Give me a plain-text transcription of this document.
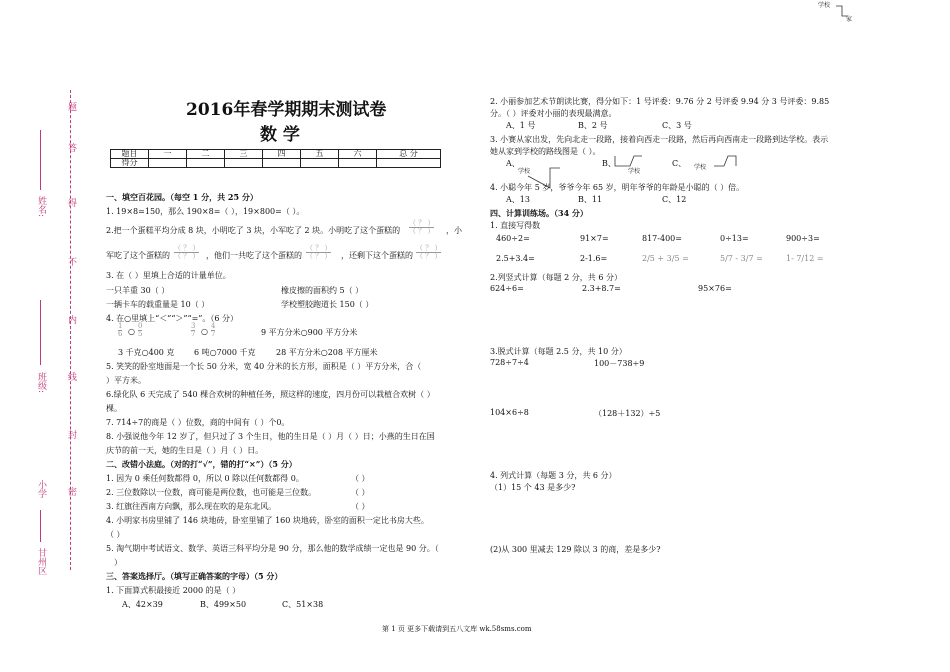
学校
家
题
答
得
不
内
线
封
密
姓名:
班级:
小学
甘州区
2016年春学期期末测试卷
数 学
题目	一	二	三	四	五	六	总 分
得分							
一、填空百花园。（每空 1 分，共 25 分）
1. 19×8=150，那么 190×8=（ ），19×800=（ ）。
2.把一个蛋糕平均分成 8 块，小明吃了 3 块，小军吃了 2 块。小明吃了这个蛋糕的
（ ？ ）
（ ？ ） ，小
军吃了这个蛋糕的
（ ？ ）
（ ？ ） ，他们一共吃了这个蛋糕的
（ ？ ）
（ ？ ） ，还剩下这个蛋糕的
（ ？ ）
（ ？ ）
3. 在（ ）里填上合适的计量单位。
一只羊重 30（ ）	橡皮擦的面积约 5（ ）
一辆卡车的载重量是 10（ ）	学校塑胶跑道长 150（ ）
4. 在○里填上“＜”“＞”“=”。（6 分）
$\frac{1}{6}$ ○ $\frac{0}{5}$	$\frac{3}{7}$ ○ $\frac{4}{7}$	9 平方分米○900 平方分米
3 千克○400 克 6 吨○7000 千克	28 平方分米○208 平方厘米
5. 笑笑的卧室地面是一个长 50 分米，宽 40 分米的长方形，面积是（ ）平方分米，合（
）平方米。
6.绿化队 6 天完成了 540 棵合欢树的种植任务，照这样的速度，四月份可以栽植合欢树（ ）
棵。
7. 714÷7的商是（ ）位数，商的中间有（ ）个0。
8. 小强说他今年 12 岁了，但只过了 3 个生日，他的生日是（ ）月（ ）日；小燕的生日在国
庆节的前一天，她的生日是（ ）月（ ）日。
二、改错小法庭。（对的打“√”，错的打“×”）（5 分）
1. 因为 0 乘任何数都得 0，所以 0 除以任何数都得 0。	（ ）
2. 三位数除以一位数，商可能是两位数，也可能是三位数。	（ ）
3. 红旗往西南方向飘，那么现在吹的是东北风。	（ ）
4. 小明家书房里铺了 146 块地砖，卧室里铺了 160 块地砖，卧室的面积一定比书房大些。
（ ）
5. 淘气期中考试语文、数学、英语三科平均分是 90 分，那么他的数学成绩一定也是 90 分。（
）
三、答案选择厅。（填写正确答案的字母）（5 分）
1. 下面算式积最接近 2000 的是（ ）
A、42×39	B、499×50	C、51×38
2. 小丽参加艺术节朗读比赛，得分如下：1 号评委：9.76 分 2 号评委 9.94 分 3 号评委：9.85
分。（ ）评委对小丽的表现最满意。
A、1 号	B、2 号	C、3 号
3. 小赛从家出发，先向北走一段路，接着向西走一段路，然后再向西南走一段路到达学校。表示
她从家到学校的路线图是（ ）。
A、
学校
B、
学校
C、 学校
4. 小聪今年 5 岁，爷爷今年 65 岁，明年爷爷的年龄是小聪的（ ）倍。
A、13	B、11	C、12
四、计算训练场。（34 分）
1. 直接写得数
460÷2=	91×7=	817-400=	0÷13=	900÷3=
2.5+3.4=	2-1.6=	2/5 + 3/5 =	5/7 - 3/7 =	1- 7/12 =
2.列竖式计算（每题 2 分，共 6 分）
624÷6=	2.3+8.7=	95×76=
3.脱式计算（每题 2.5 分，共 10 分）
728÷7÷4	100－738÷9
104×6÷8	（128＋132）÷5
4. 列式计算（每题 3 分，共 6 分）
（1）15 个 43 是多少?
(2)从 300 里减去 129 除以 3 的商，差是多少?
第 1 页 更多下载请到五八文库 wk.58sms.com
